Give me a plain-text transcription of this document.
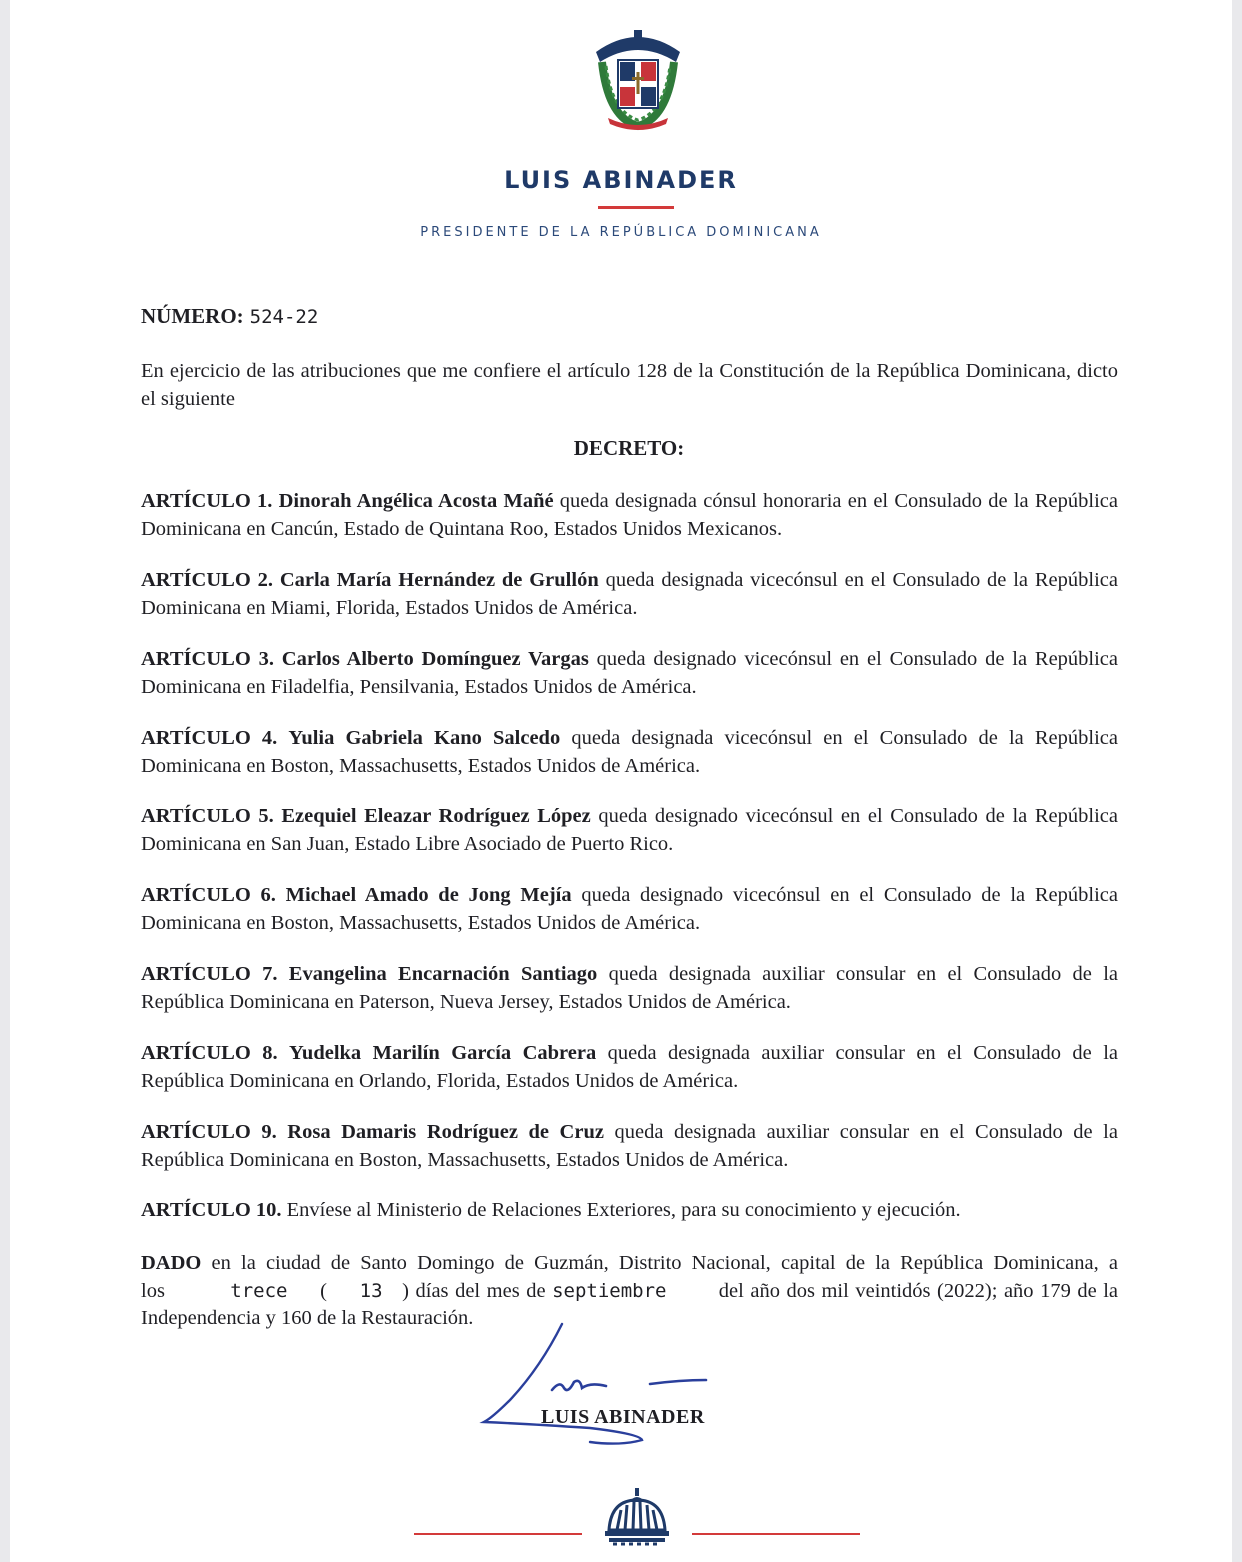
LUIS ABINADER
PRESIDENTE DE LA REPÚBLICA DOMINICANA
NÚMERO: 524-22
En ejercicio de las atribuciones que me confiere el artículo 128 de la Constitución de la República Dominicana, dicto el siguiente
DECRETO:
ARTÍCULO 1. Dinorah Angélica Acosta Mañé queda designada cónsul honoraria en el Consulado de la República Dominicana en Cancún, Estado de Quintana Roo, Estados Unidos Mexicanos.
ARTÍCULO 2. Carla María Hernández de Grullón queda designada vicecónsul en el Consulado de la República Dominicana en Miami, Florida, Estados Unidos de América.
ARTÍCULO 3. Carlos Alberto Domínguez Vargas queda designado vicecónsul en el Consulado de la República Dominicana en Filadelfia, Pensilvania, Estados Unidos de América.
ARTÍCULO 4. Yulia Gabriela Kano Salcedo queda designada vicecónsul en el Consulado de la República Dominicana en Boston, Massachusetts, Estados Unidos de América.
ARTÍCULO 5. Ezequiel Eleazar Rodríguez López queda designado vicecónsul en el Consulado de la República Dominicana en San Juan, Estado Libre Asociado de Puerto Rico.
ARTÍCULO 6. Michael Amado de Jong Mejía queda designado vicecónsul en el Consulado de la República Dominicana en Boston, Massachusetts, Estados Unidos de América.
ARTÍCULO 7. Evangelina Encarnación Santiago queda designada auxiliar consular en el Consulado de la República Dominicana en Paterson, Nueva Jersey, Estados Unidos de América.
ARTÍCULO 8. Yudelka Marilín García Cabrera queda designada auxiliar consular en el Consulado de la República Dominicana en Orlando, Florida, Estados Unidos de América.
ARTÍCULO 9. Rosa Damaris Rodríguez de Cruz queda designada auxiliar consular en el Consulado de la República Dominicana en Boston, Massachusetts, Estados Unidos de América.
ARTÍCULO 10. Envíese al Ministerio de Relaciones Exteriores, para su conocimiento y ejecución.
DADO en la ciudad de Santo Domingo de Guzmán, Distrito Nacional, capital de la República Dominicana, a los	trece ( 13 ) días del mes de septiembre        del año dos mil veintidós (2022); año 179 de la Independencia y 160 de la Restauración.
LUIS ABINADER
